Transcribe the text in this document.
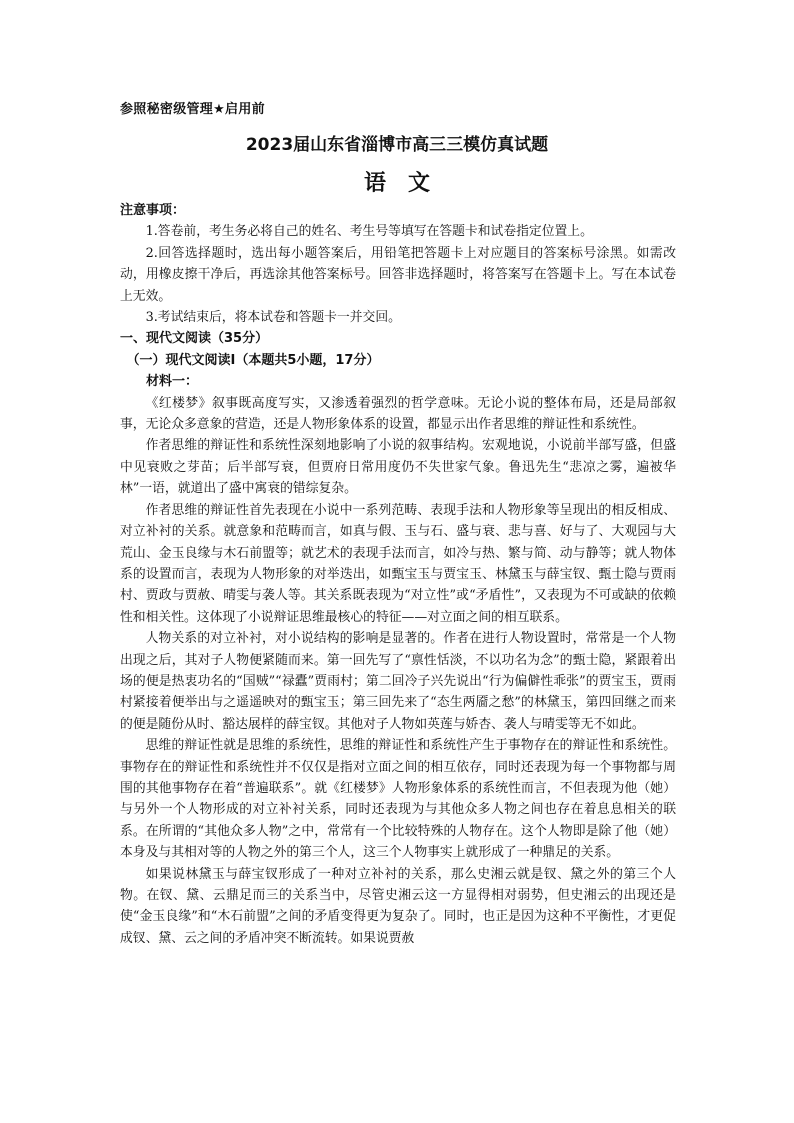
参照秘密级管理★启用前
2023届山东省淄博市高三三模仿真试题
语文

注意事项：

1.答卷前，考生务必将自己的姓名、考生号等填写在答题卡和试卷指定位置上。

2.回答选择题时，选出每小题答案后，用铅笔把答题卡上对应题目的答案标号涂黑。如需改动，用橡皮擦干净后，再选涂其他答案标号。回答非选择题时，将答案写在答题卡上。写在本试卷上无效。

3.考试结束后，将本试卷和答题卡一并交回。

一、现代文阅读（35分）

（一）现代文阅读Ⅰ（本题共5小题，17分）

材料一：

《红楼梦》叙事既高度写实，又渗透着强烈的哲学意味。无论小说的整体布局，还是局部叙事，无论众多意象的营造，还是人物形象体系的设置，都显示出作者思维的辩证性和系统性。

作者思维的辩证性和系统性深刻地影响了小说的叙事结构。宏观地说，小说前半部写盛，但盛中见衰败之芽苗；后半部写衰，但贾府日常用度仍不失世家气象。鲁迅先生“悲凉之雾，遍被华林”一语，就道出了盛中寓衰的错综复杂。

作者思维的辩证性首先表现在小说中一系列范畴、表现手法和人物形象等呈现出的相反相成、对立补衬的关系。就意象和范畴而言，如真与假、玉与石、盛与衰、悲与喜、好与了、大观园与大荒山、金玉良缘与木石前盟等；就艺术的表现手法而言，如冷与热、繁与简、动与静等；就人物体系的设置而言，表现为人物形象的对举迭出，如甄宝玉与贾宝玉、林黛玉与薛宝钗、甄士隐与贾雨村、贾政与贾赦、晴雯与袭人等。其关系既表现为“对立性”或“矛盾性”，又表现为不可或缺的依赖性和相关性。这体现了小说辩证思维最核心的特征——对立面之间的相互联系。

人物关系的对立补衬，对小说结构的影响是显著的。作者在进行人物设置时，常常是一个人物出现之后，其对子人物便紧随而来。第一回先写了“禀性恬淡，不以功名为念”的甄士隐，紧跟着出场的便是热衷功名的“国贼”“禄蠹”贾雨村；第二回冷子兴先说出“行为偏僻性乖张”的贾宝玉，贾雨村紧接着便举出与之遥遥映对的甄宝玉；第三回先来了“态生两靥之愁”的林黛玉，第四回继之而来的便是随份从时、豁达展样的薛宝钗。其他对子人物如英莲与娇杏、袭人与晴雯等无不如此。

思维的辩证性就是思维的系统性，思维的辩证性和系统性产生于事物存在的辩证性和系统性。事物存在的辩证性和系统性并不仅仅是指对立面之间的相互依存，同时还表现为每一个事物都与周围的其他事物存在着“普遍联系”。就《红楼梦》人物形象体系的系统性而言，不但表现为他（她）与另外一个人物形成的对立补衬关系，同时还表现为与其他众多人物之间也存在着息息相关的联系。在所谓的“其他众多人物”之中，常常有一个比较特殊的人物存在。这个人物即是除了他（她）本身及与其相对等的人物之外的第三个人，这三个人物事实上就形成了一种鼎足的关系。

如果说林黛玉与薛宝钗形成了一种对立补衬的关系，那么史湘云就是钗、黛之外的第三个人物。在钗、黛、云鼎足而三的关系当中，尽管史湘云这一方显得相对弱势，但史湘云的出现还是使“金玉良缘”和“木石前盟”之间的矛盾变得更为复杂了。同时，也正是因为这种不平衡性，才更促成钗、黛、云之间的矛盾冲突不断流转。如果说贾赦
